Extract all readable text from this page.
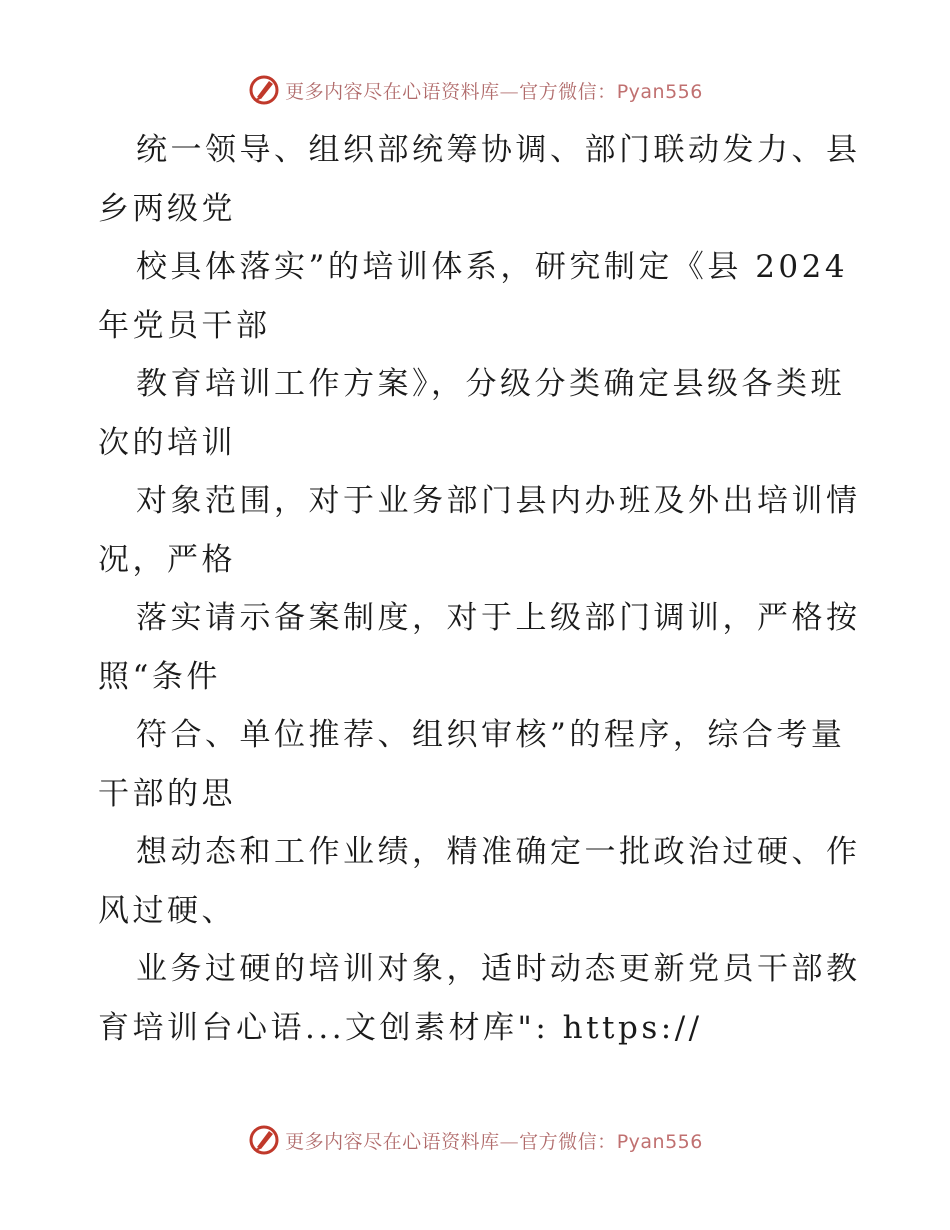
更多内容尽在心语资料库—官方微信：Pyan556
统一领导、组织部统筹协调、部门联动发力、县
乡两级党
校具体落实”的培训体系，研究制定《县 2024
年党员干部
教育培训工作方案》，分级分类确定县级各类班
次的培训
对象范围，对于业务部门县内办班及外出培训情
况，严格
落实请示备案制度，对于上级部门调训，严格按
照“条件
符合、单位推荐、组织审核”的程序，综合考量
干部的思
想动态和工作业绩，精准确定一批政治过硬、作
风过硬、
业务过硬的培训对象，适时动态更新党员干部教
育培训台心语...文创素材库": https://
更多内容尽在心语资料库—官方微信：Pyan556
